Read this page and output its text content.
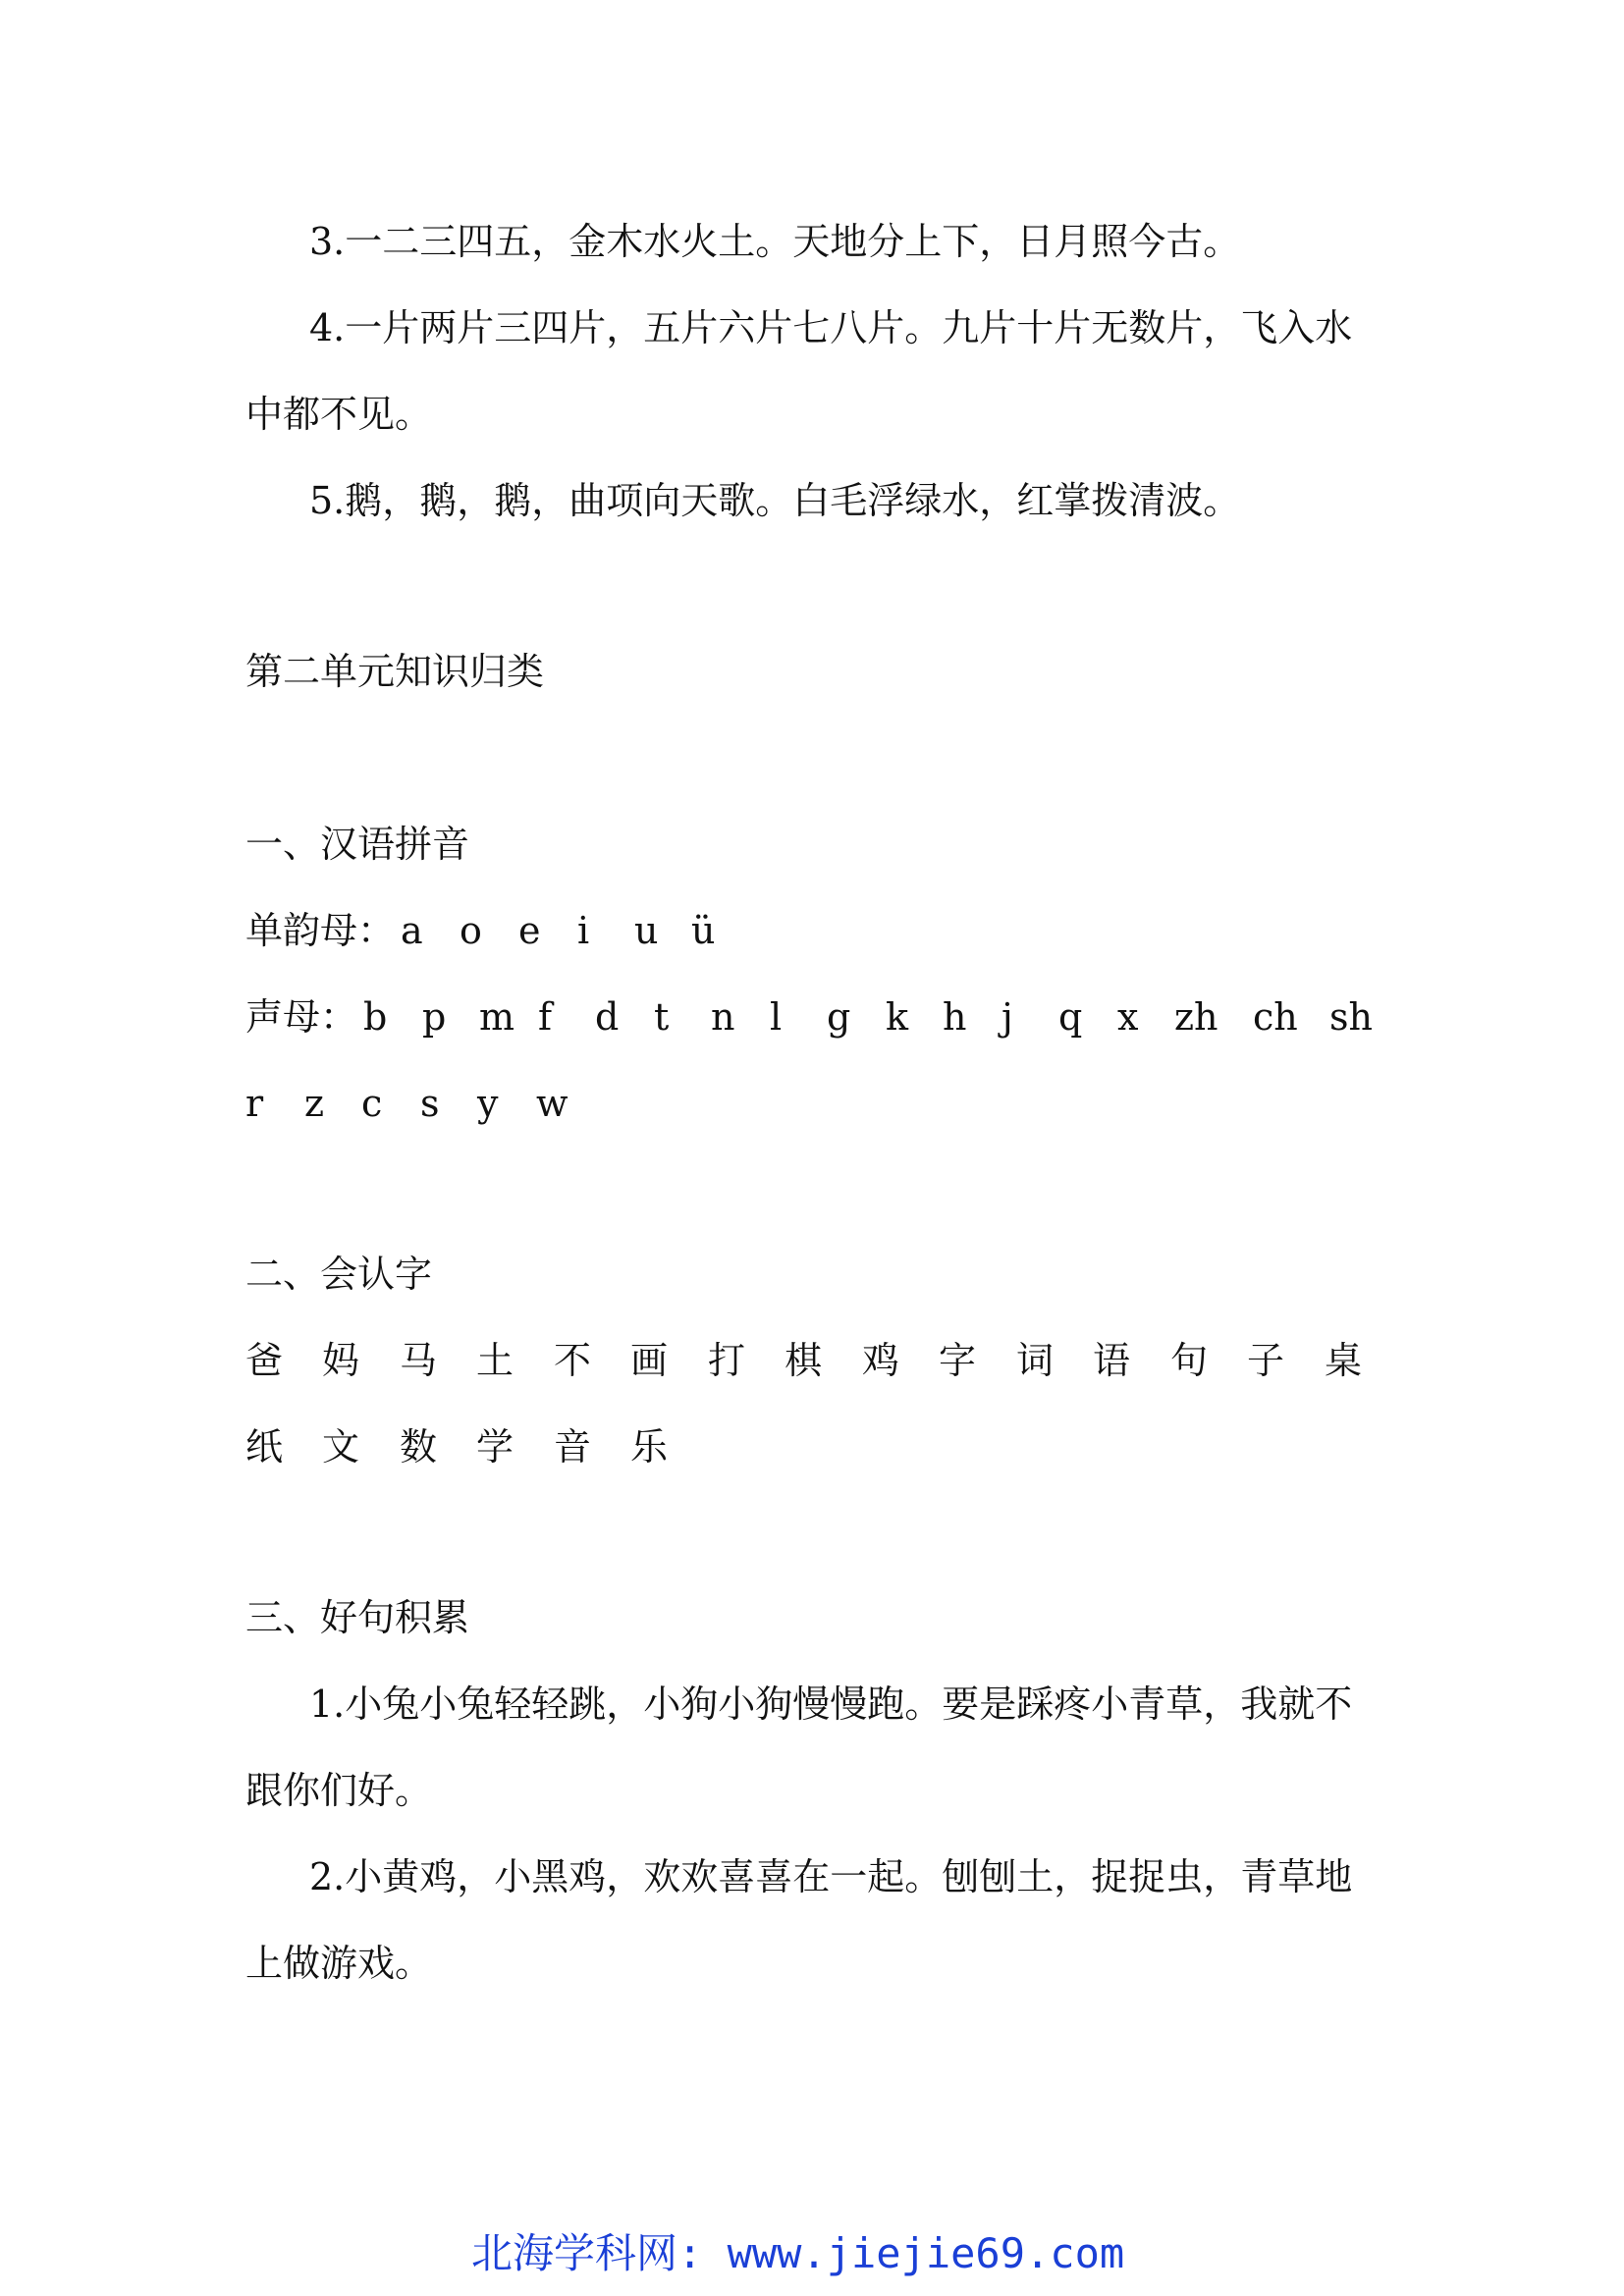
3.一二三四五，金木水火土。天地分上下，日月照今古。
4.一片两片三四片，五片六片七八片。九片十片无数片，飞入水
中都不见。
5.鹅，鹅，鹅，曲项向天歌。白毛浮绿水，红掌拨清波。
第二单元知识归类
一、汉语拼音
单韵母： a o e i u ü
声母： b p m f d t n l g k h j q x zh ch sh
r z c s y w
二、会认字
爸 妈 马 土 不 画 打 棋 鸡 字 词 语 句 子 桌
纸 文 数 学 音 乐
三、好句积累
1.小兔小兔轻轻跳，小狗小狗慢慢跑。要是踩疼小青草，我就不
跟你们好。
2.小黄鸡，小黑鸡，欢欢喜喜在一起。刨刨土，捉捉虫，青草地
上做游戏。
北海学科网: www.jiejie69.com
